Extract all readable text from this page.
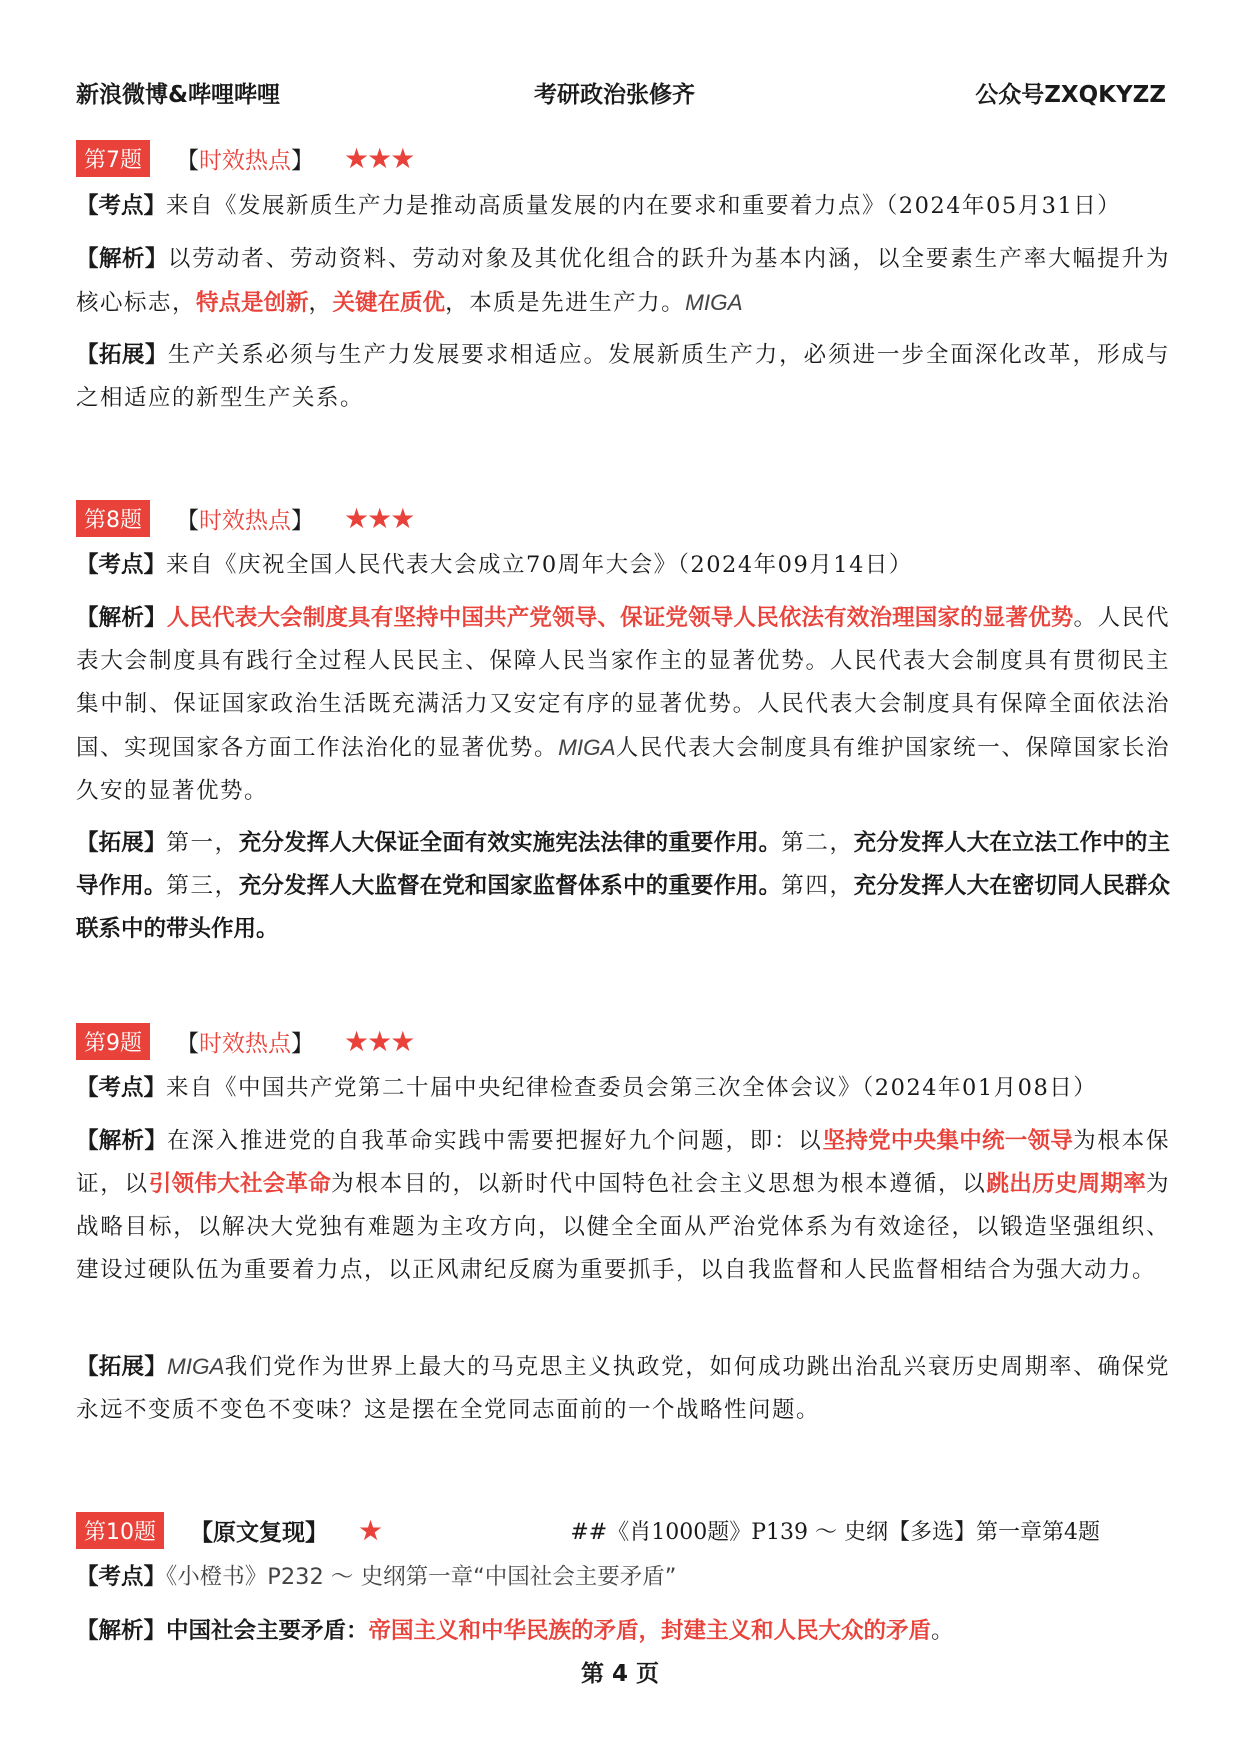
新浪微博&哔哩哔哩	考研政治张修齐	公众号ZXQKYZZ
第7题	【时效热点】 ★★★
【考点】来自《发展新质生产力是推动高质量发展的内在要求和重要着力点》（2024年05月31日）
【解析】以劳动者、劳动资料、劳动对象及其优化组合的跃升为基本内涵，以全要素生产率大幅提升为核心标志，特点是创新，关键在质优，本质是先进生产力。MIGA
【拓展】生产关系必须与生产力发展要求相适应。发展新质生产力，必须进一步全面深化改革，形成与之相适应的新型生产关系。
第8题	【时效热点】 ★★★
【考点】来自《庆祝全国人民代表大会成立70周年大会》（2024年09月14日）
【解析】人民代表大会制度具有坚持中国共产党领导、保证党领导人民依法有效治理国家的显著优势。人民代表大会制度具有践行全过程人民民主、保障人民当家作主的显著优势。人民代表大会制度具有贯彻民主集中制、保证国家政治生活既充满活力又安定有序的显著优势。人民代表大会制度具有保障全面依法治国、实现国家各方面工作法治化的显著优势。MIGA人民代表大会制度具有维护国家统一、保障国家长治久安的显著优势。
【拓展】第一，充分发挥人大保证全面有效实施宪法法律的重要作用。第二，充分发挥人大在立法工作中的主导作用。第三，充分发挥人大监督在党和国家监督体系中的重要作用。第四，充分发挥人大在密切同人民群众联系中的带头作用。
第9题	【时效热点】 ★★★
【考点】来自《中国共产党第二十届中央纪律检查委员会第三次全体会议》（2024年01月08日）
【解析】在深入推进党的自我革命实践中需要把握好九个问题，即：以坚持党中央集中统一领导为根本保证，以引领伟大社会革命为根本目的，以新时代中国特色社会主义思想为根本遵循，以跳出历史周期率为战略目标，以解决大党独有难题为主攻方向，以健全全面从严治党体系为有效途径，以锻造坚强组织、建设过硬队伍为重要着力点，以正风肃纪反腐为重要抓手，以自我监督和人民监督相结合为强大动力。
【拓展】MIGA我们党作为世界上最大的马克思主义执政党，如何成功跳出治乱兴衰历史周期率、确保党永远不变质不变色不变味？这是摆在全党同志面前的一个战略性问题。
第10题	【原文复现】 ★	##《肖1000题》P139 ～ 史纲【多选】第一章第4题
【考点】《小橙书》P232 ～ 史纲第一章“中国社会主要矛盾”
【解析】中国社会主要矛盾：帝国主义和中华民族的矛盾，封建主义和人民大众的矛盾。
第 4 页
